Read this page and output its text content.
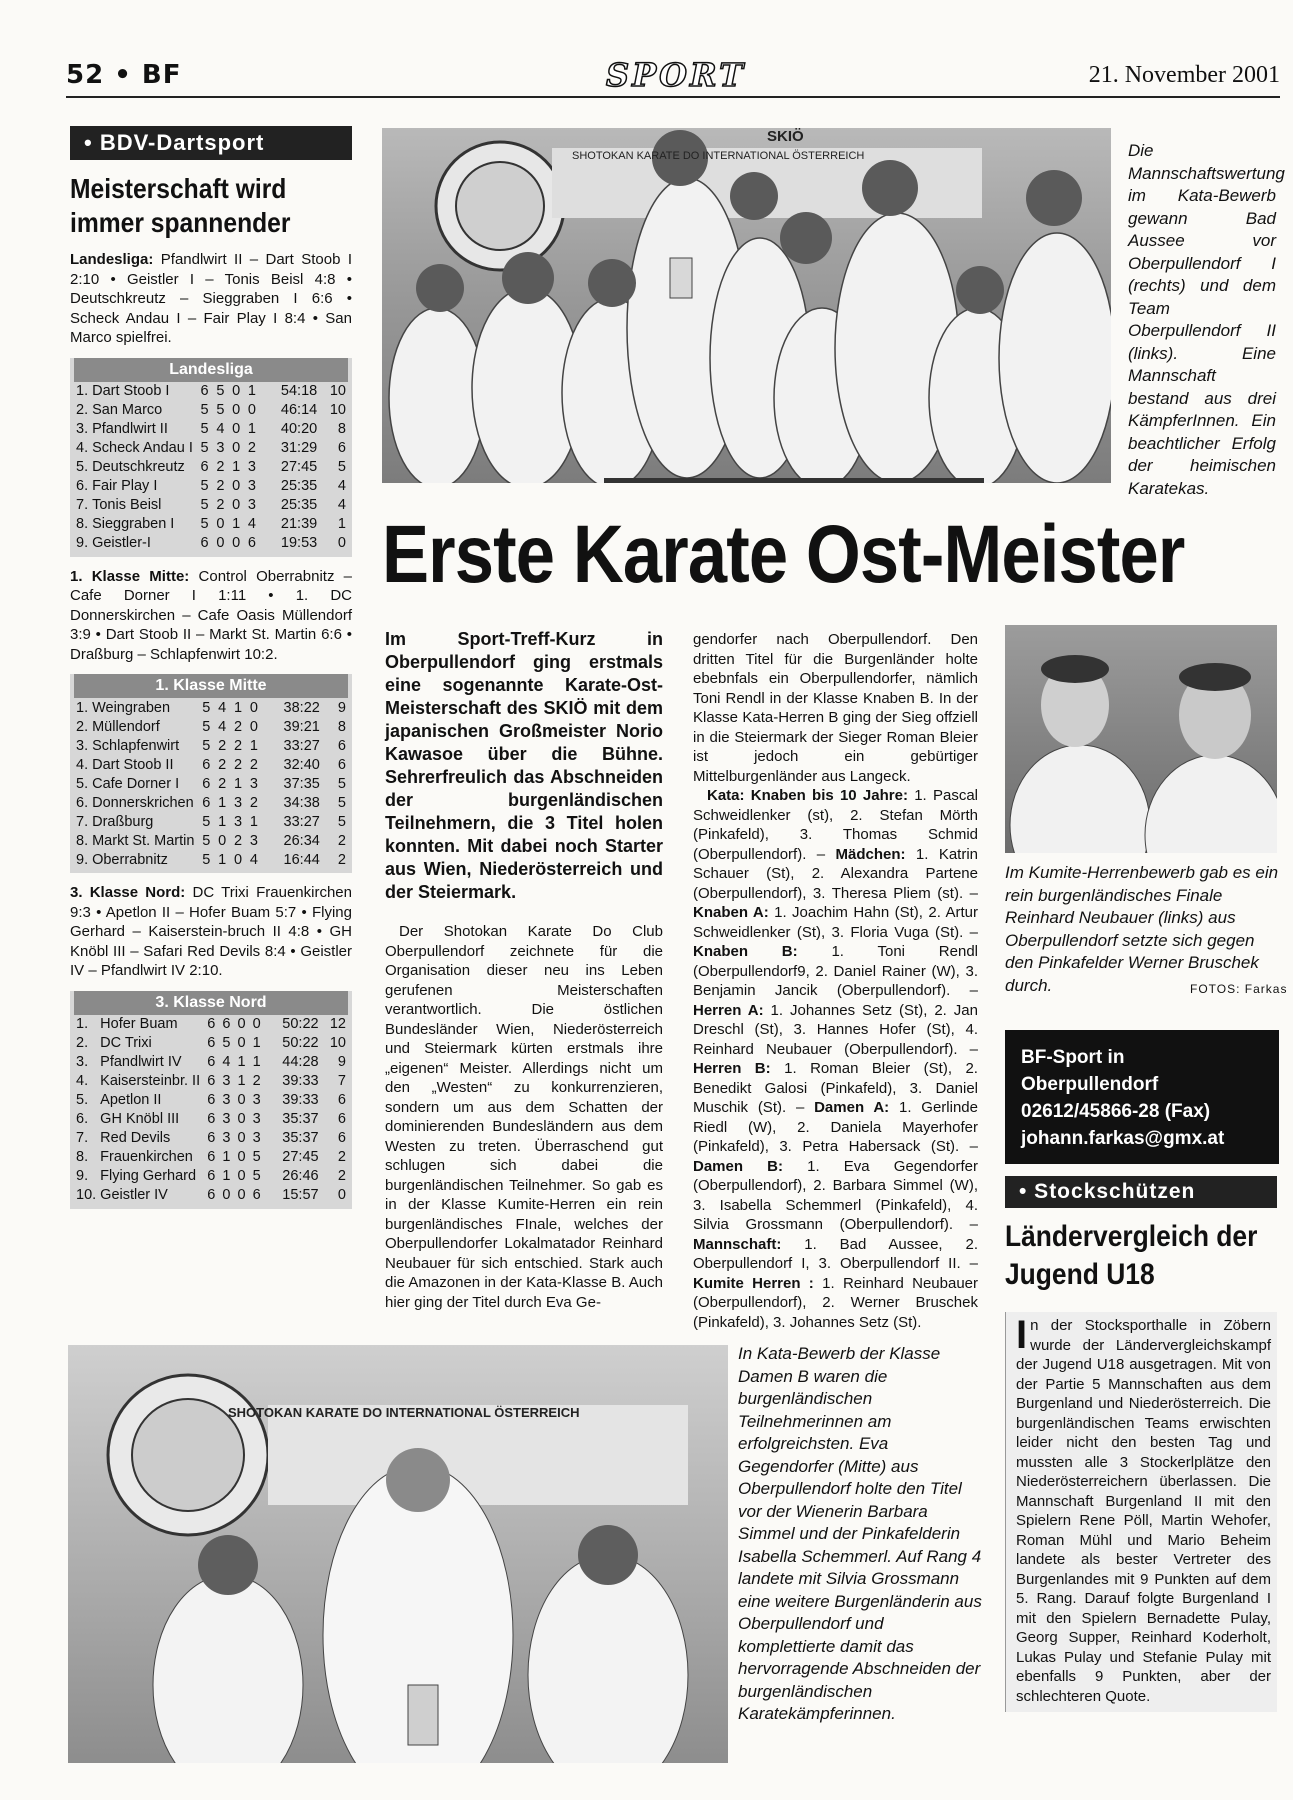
52 • BF	SPORT	21. November 2001
• BDV-Dartsport
Meisterschaft wird immer spannender
Landesliga: Pfandlwirt II – Dart Stoob I 2:10 • Geistler I – Tonis Beisl 4:8 • Deutschkreutz – Sieggraben I 6:6 • Scheck Andau I – Fair Play I 8:4 • San Marco spielfrei.
Landesliga
1.	Dart Stoob I	6	5	0	1	54:18	10
2.	San Marco	5	5	0	0	46:14	10
3.	Pfandlwirt II	5	4	0	1	40:20	8
4.	Scheck Andau I	5	3	0	2	31:29	6
5.	Deutschkreutz	6	2	1	3	27:45	5
6.	Fair Play I	5	2	0	3	25:35	4
7.	Tonis Beisl	5	2	0	3	25:35	4
8.	Sieggraben I	5	0	1	4	21:39	1
9.	Geistler-I	6	0	0	6	19:53	0
1. Klasse Mitte: Control Oberrabnitz – Cafe Dorner I 1:11 • 1. DC Donnerskirchen – Cafe Oasis Müllendorf 3:9 • Dart Stoob II – Markt St. Martin 6:6 • Draßburg – Schlapfenwirt 10:2.
1. Klasse Mitte
1.	Weingraben	5	4	1	0	38:22	9
2.	Müllendorf	5	4	2	0	39:21	8
3.	Schlapfenwirt	5	2	2	1	33:27	6
4.	Dart Stoob II	6	2	2	2	32:40	6
5.	Cafe Dorner I	6	2	1	3	37:35	5
6.	Donnerskrichen	6	1	3	2	34:38	5
7.	Draßburg	5	1	3	1	33:27	5
8.	Markt St. Martin	5	0	2	3	26:34	2
9.	Oberrabnitz	5	1	0	4	16:44	2
3. Klasse Nord: DC Trixi Frauenkirchen 9:3 • Apetlon II – Hofer Buam 5:7 • Flying Gerhard – Kaiserstein-bruch II 4:8 • GH Knöbl III – Safari Red Devils 8:4 • Geistler IV – Pfandlwirt IV 2:10.
3. Klasse Nord
1.	Hofer Buam	6	6	0	0	50:22	12
2.	DC Trixi	6	5	0	1	50:22	10
3.	Pfandlwirt IV	6	4	1	1	44:28	9
4.	Kaisersteinbr. II	6	3	1	2	39:33	7
5.	Apetlon II	6	3	0	3	39:33	6
6.	GH Knöbl III	6	3	0	3	35:37	6
7.	Red Devils	6	3	0	3	35:37	6
8.	Frauenkirchen	6	1	0	5	27:45	2
9.	Flying Gerhard	6	1	0	5	26:46	2
10.	Geistler IV	6	0	0	6	15:57	0
SKIÖ
SHOTOKAN KARATE DO INTERNATIONAL ÖSTERREICH	Die Mannschaftswertung im Kata-Bewerb gewann Bad Aussee vor Oberpullendorf I (rechts) und dem Team Oberpullendorf II (links). Eine Mannschaft bestand aus drei KämpferInnen. Ein beachtlicher Erfolg der heimischen Karatekas.
Erste Karate Ost-Meister
Im Sport-Treff-Kurz in Oberpullendorf ging erstmals eine sogenannte Karate-Ost-Meisterschaft des SKIÖ mit dem japanischen Großmeister Norio Kawasoe über die Bühne. Sehrerfreulich das Abschneiden der burgenländischen Teilnehmern, die 3 Titel holen konnten. Mit dabei noch Starter aus Wien, Niederösterreich und der Steiermark.
Der Shotokan Karate Do Club Oberpullendorf zeichnete für die Organisation dieser neu ins Leben gerufenen Meisterschaften verantwortlich. Die östlichen Bundesländer Wien, Niederösterreich und Steiermark kürten erstmals ihre „eigenen“ Meister. Allerdings nicht um den „Westen“ zu konkurrenzieren, sondern um aus dem Schatten der dominierenden Bundesländern aus dem Westen zu treten. Überraschend gut schlugen sich dabei die burgenländischen Teilnehmer. So gab es in der Klasse Kumite-Herren ein rein burgenländisches FInale, welches der Oberpullendorfer Lokalmatador Reinhard Neubauer für sich entschied. Stark auch die Amazonen in der Kata-Klasse B. Auch hier ging der Titel durch Eva Ge-
gendorfer nach Oberpullendorf. Den dritten Titel für die Burgenländer holte ebebnfals ein Oberpullendorfer, nämlich Toni Rendl in der Klasse Knaben B. In der Klasse Kata-Herren B ging der Sieg offziell in die Steiermark der Sieger Roman Bleier ist jedoch ein gebürtiger Mittelburgenländer aus Langeck.
Kata: Knaben bis 10 Jahre: 1. Pascal Schweidlenker (st), 2. Stefan Mörth (Pinkafeld), 3. Thomas Schmid (Oberpullendorf). – Mädchen: 1. Katrin Schauer (St), 2. Alexandra Partene (Oberpullendorf), 3. Theresa Pliem (st). – Knaben A: 1. Joachim Hahn (St), 2. Artur Schweidlenker (St), 3. Floria Vuga (St). – Knaben B: 1. Toni Rendl (Oberpullendorf9, 2. Daniel Rainer (W), 3. Benjamin Jancik (Oberpullendorf). – Herren A: 1. Johannes Setz (St), 2. Jan Dreschl (St), 3. Hannes Hofer (St), 4. Reinhard Neubauer (Oberpullendorf). – Herren B: 1. Roman Bleier (St), 2. Benedikt Galosi (Pinkafeld), 3. Daniel Muschik (St). – Damen A: 1. Gerlinde Riedl (W), 2. Daniela Mayerhofer (Pinkafeld), 3. Petra Habersack (St). – Damen B: 1. Eva Gegendorfer (Oberpullendorf), 2. Barbara Simmel (W), 3. Isabella Schemmerl (Pinkafeld), 4. Silvia Grossmann (Oberpullendorf). – Mannschaft: 1. Bad Aussee, 2. Oberpullendorf I, 3. Oberpullendorf II. – Kumite Herren : 1. Reinhard Neubauer (Oberpullendorf), 2. Werner Bruschek (Pinkafeld), 3. Johannes Setz (St).
Im Kumite-Herrenbewerb gab es ein rein burgenländisches Finale Reinhard Neubauer (links) aus Oberpullendorf setzte sich gegen den Pinkafelder Werner Bruschek durch.	FOTOS: Farkas
BF-Sport in Oberpullendorf
02612/45866-28 (Fax)
johann.farkas@gmx.at
• Stockschützen
Ländervergleich der Jugend U18
In der Stocksporthalle in Zöbern wurde der Ländervergleichskampf der Jugend U18 ausgetragen. Mit von der Partie 5 Mannschaften aus dem Burgenland und Niederösterreich. Die burgenländischen Teams erwischten leider nicht den besten Tag und mussten alle 3 Stockerlplätze den Niederösterreichern überlassen. Die Mannschaft Burgenland II mit den Spielern Rene Pöll, Martin Wehofer, Roman Mühl und Mario Beheim landete als bester Vertreter des Burgenlandes mit 9 Punkten auf dem 5. Rang. Darauf folgte Burgenland I mit den Spielern Bernadette Pulay, Georg Supper, Reinhard Koderholt, Lukas Pulay und Stefanie Pulay mit ebenfalls 9 Punkten, aber der schlechteren Quote.
SHOTOKAN KARATE DO INTERNATIONAL ÖSTERREICH
In Kata-Bewerb der Klasse Damen B waren die burgenländischen Teilnehmerinnen am erfolgreichsten. Eva Gegendorfer (Mitte) aus Oberpullendorf holte den Titel vor der Wienerin Barbara Simmel und der Pinkafelderin Isabella Schemmerl. Auf Rang 4 landete mit Silvia Grossmann eine weitere Burgenländerin aus Oberpullendorf und komplettierte damit das hervorragende Abschneiden der burgenländischen Karatekämpferinnen.
